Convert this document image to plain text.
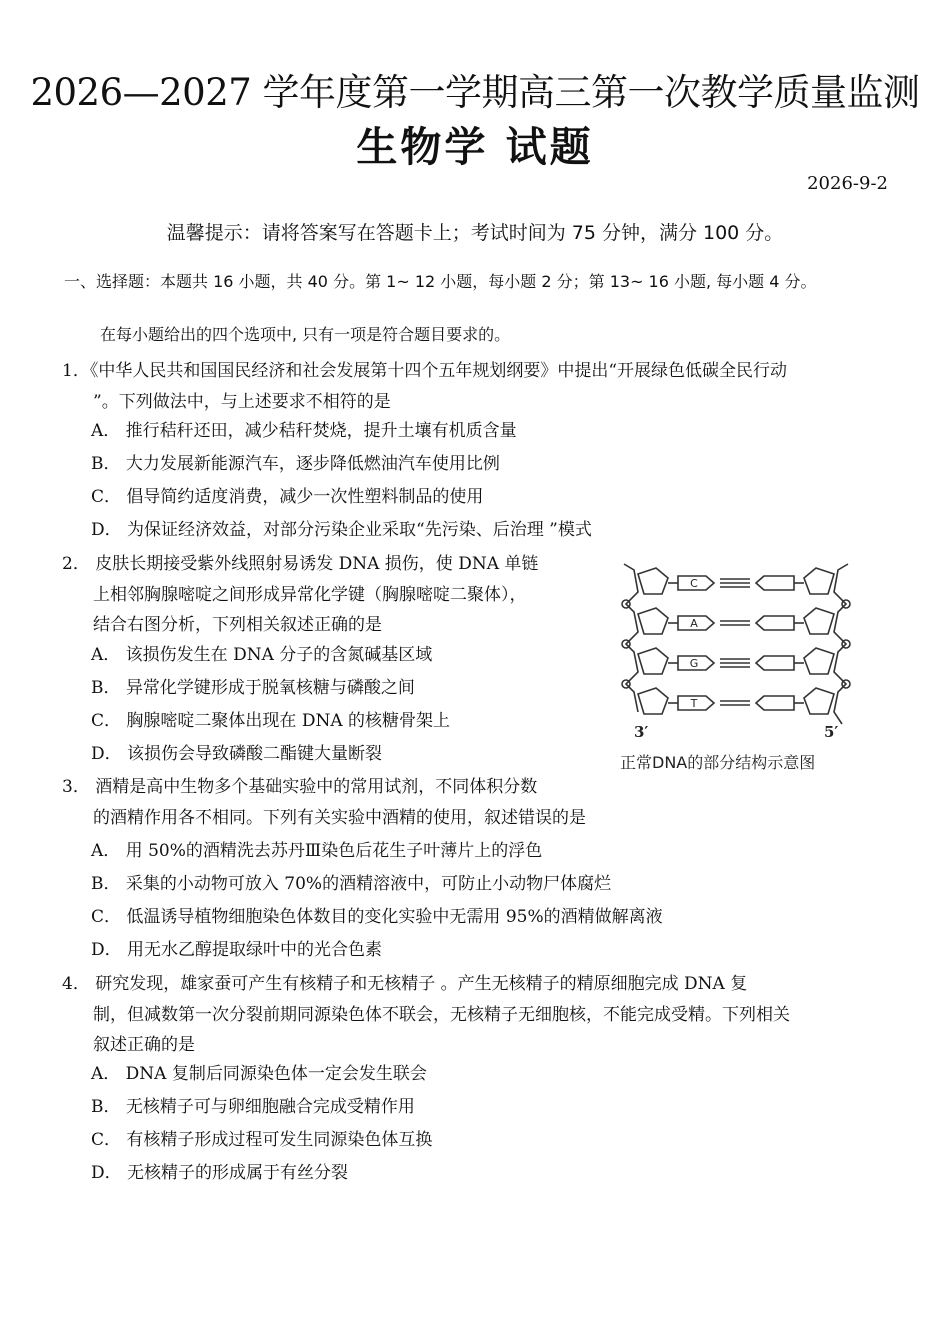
2026—2027 学年度第一学期高三第一次教学质量监测
生物学 试题
2026-9-2
温馨提示：请将答案写在答题卡上；考试时间为 75 分钟，满分 100 分。
一、选择题：本题共 16 小题，共 40 分。第 1~ 12 小题，每小题 2 分；第 13~ 16 小题, 每小题 4 分。
在每小题给出的四个选项中, 只有一项是符合题目要求的。
1．《中华人民共和国国民经济和社会发展第十四个五年规划纲要》中提出“开展绿色低碳全民行动
”。下列做法中，与上述要求不相符的是
A． 推行秸秆还田，减少秸秆焚烧，提升土壤有机质含量
B． 大力发展新能源汽车，逐步降低燃油汽车使用比例
C． 倡导简约适度消费，减少一次性塑料制品的使用
D． 为保证经济效益，对部分污染企业采取“先污染、后治理 ”模式
2． 皮肤长期接受紫外线照射易诱发 DNA 损伤，使 DNA 单链
上相邻胸腺嘧啶之间形成异常化学键（胸腺嘧啶二聚体），
结合右图分析，下列相关叙述正确的是
A． 该损伤发生在 DNA 分子的含氮碱基区域
B． 异常化学键形成于脱氧核糖与磷酸之间
C． 胸腺嘧啶二聚体出现在 DNA 的核糖骨架上
D． 该损伤会导致磷酸二酯键大量断裂
C
A
G
T
3′	5′
正常DNA的部分结构示意图
3． 酒精是高中生物多个基础实验中的常用试剂，不同体积分数
的酒精作用各不相同。下列有关实验中酒精的使用，叙述错误的是
A． 用 50%的酒精洗去苏丹Ⅲ染色后花生子叶薄片上的浮色
B． 采集的小动物可放入 70%的酒精溶液中，可防止小动物尸体腐烂
C． 低温诱导植物细胞染色体数目的变化实验中无需用 95%的酒精做解离液
D． 用无水乙醇提取绿叶中的光合色素
4． 研究发现，雄家蚕可产生有核精子和无核精子 。产生无核精子的精原细胞完成 DNA 复
制，但减数第一次分裂前期同源染色体不联会，无核精子无细胞核，不能完成受精。下列相关
叙述正确的是
A． DNA 复制后同源染色体一定会发生联会
B． 无核精子可与卵细胞融合完成受精作用
C． 有核精子形成过程可发生同源染色体互换
D． 无核精子的形成属于有丝分裂
